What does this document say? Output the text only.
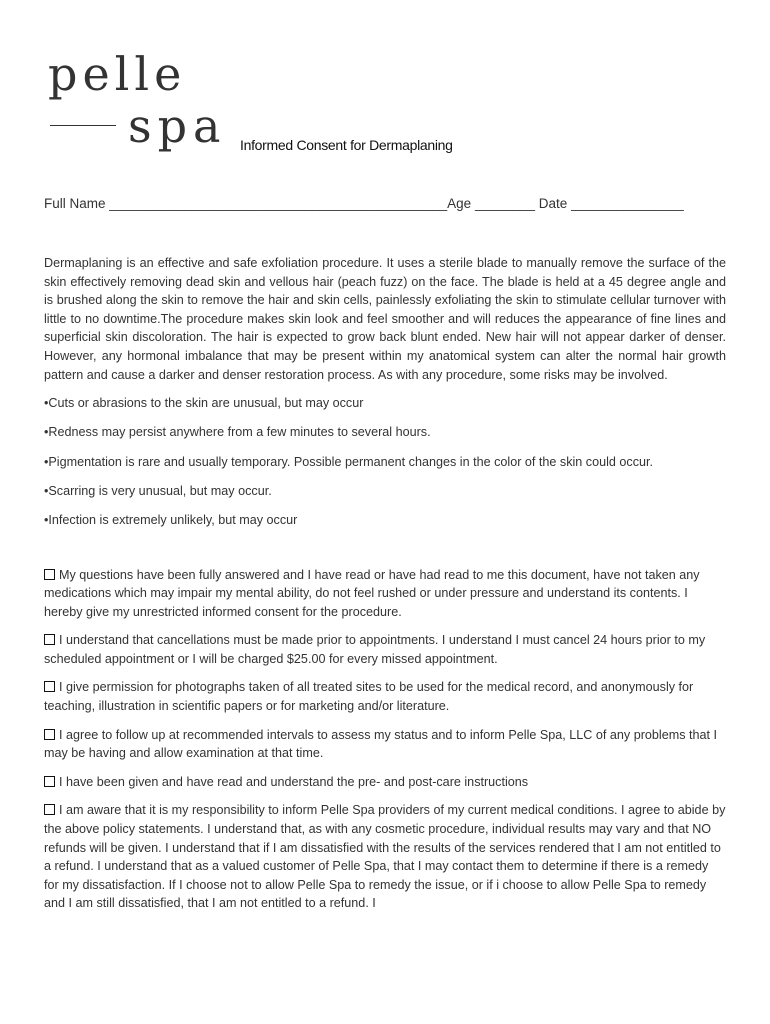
pelle
spa Informed Consent for Dermaplaning
Full Name _____________________________________________Age ________ Date _______________

Dermaplaning is an effective and safe exfoliation procedure. It uses a sterile blade to manually remove the surface of the skin effectively removing dead skin and vellous hair (peach fuzz) on the face. The blade is held at a 45 degree angle and is brushed along the skin to remove the hair and skin cells, painlessly exfoliating the skin to stimulate cellular turnover with little to no downtime.The procedure makes skin look and feel smoother and will reduces the appearance of fine lines and superficial skin discoloration. The hair is expected to grow back blunt ended. New hair will not appear darker of denser. However, any hormonal imbalance that may be present within my anatomical system can alter the normal hair growth pattern and cause a darker and denser restoration process. As with any procedure, some risks may be involved.

•Cuts or abrasions to the skin are unusual, but may occur

•Redness may persist anywhere from a few minutes to several hours.

•Pigmentation is rare and usually temporary. Possible permanent changes in the color of the skin could occur.

•Scarring is very unusual, but may occur.

•Infection is extremely unlikely, but may occur

My questions have been fully answered and I have read or have had read to me this document, have not taken any medications which may impair my mental ability, do not feel rushed or under pressure and understand its contents. I hereby give my unrestricted informed consent for the procedure.

I understand that cancellations must be made prior to appointments. I understand I must cancel 24 hours prior to my scheduled appointment or I will be charged $25.00 for every missed appointment.

I give permission for photographs taken of all treated sites to be used for the medical record, and anonymously for teaching, illustration in scientific papers or for marketing and/or literature.

I agree to follow up at recommended intervals to assess my status and to inform Pelle Spa, LLC of any problems that I may be having and allow examination at that time.

I have been given and have read and understand the pre- and post-care instructions

I am aware that it is my responsibility to inform Pelle Spa providers of my current medical conditions. I agree to abide by the above policy statements. I understand that, as with any cosmetic procedure, individual results may vary and that NO refunds will be given. I understand that if I am dissatisfied with the results of the services rendered that I am not entitled to a refund. I understand that as a valued customer of Pelle Spa, that I may contact them to determine if there is a remedy for my dissatisfaction. If I choose not to allow Pelle Spa to remedy the issue, or if i choose to allow Pelle Spa to remedy and I am still dissatisfied, that I am not entitled to a refund. I
